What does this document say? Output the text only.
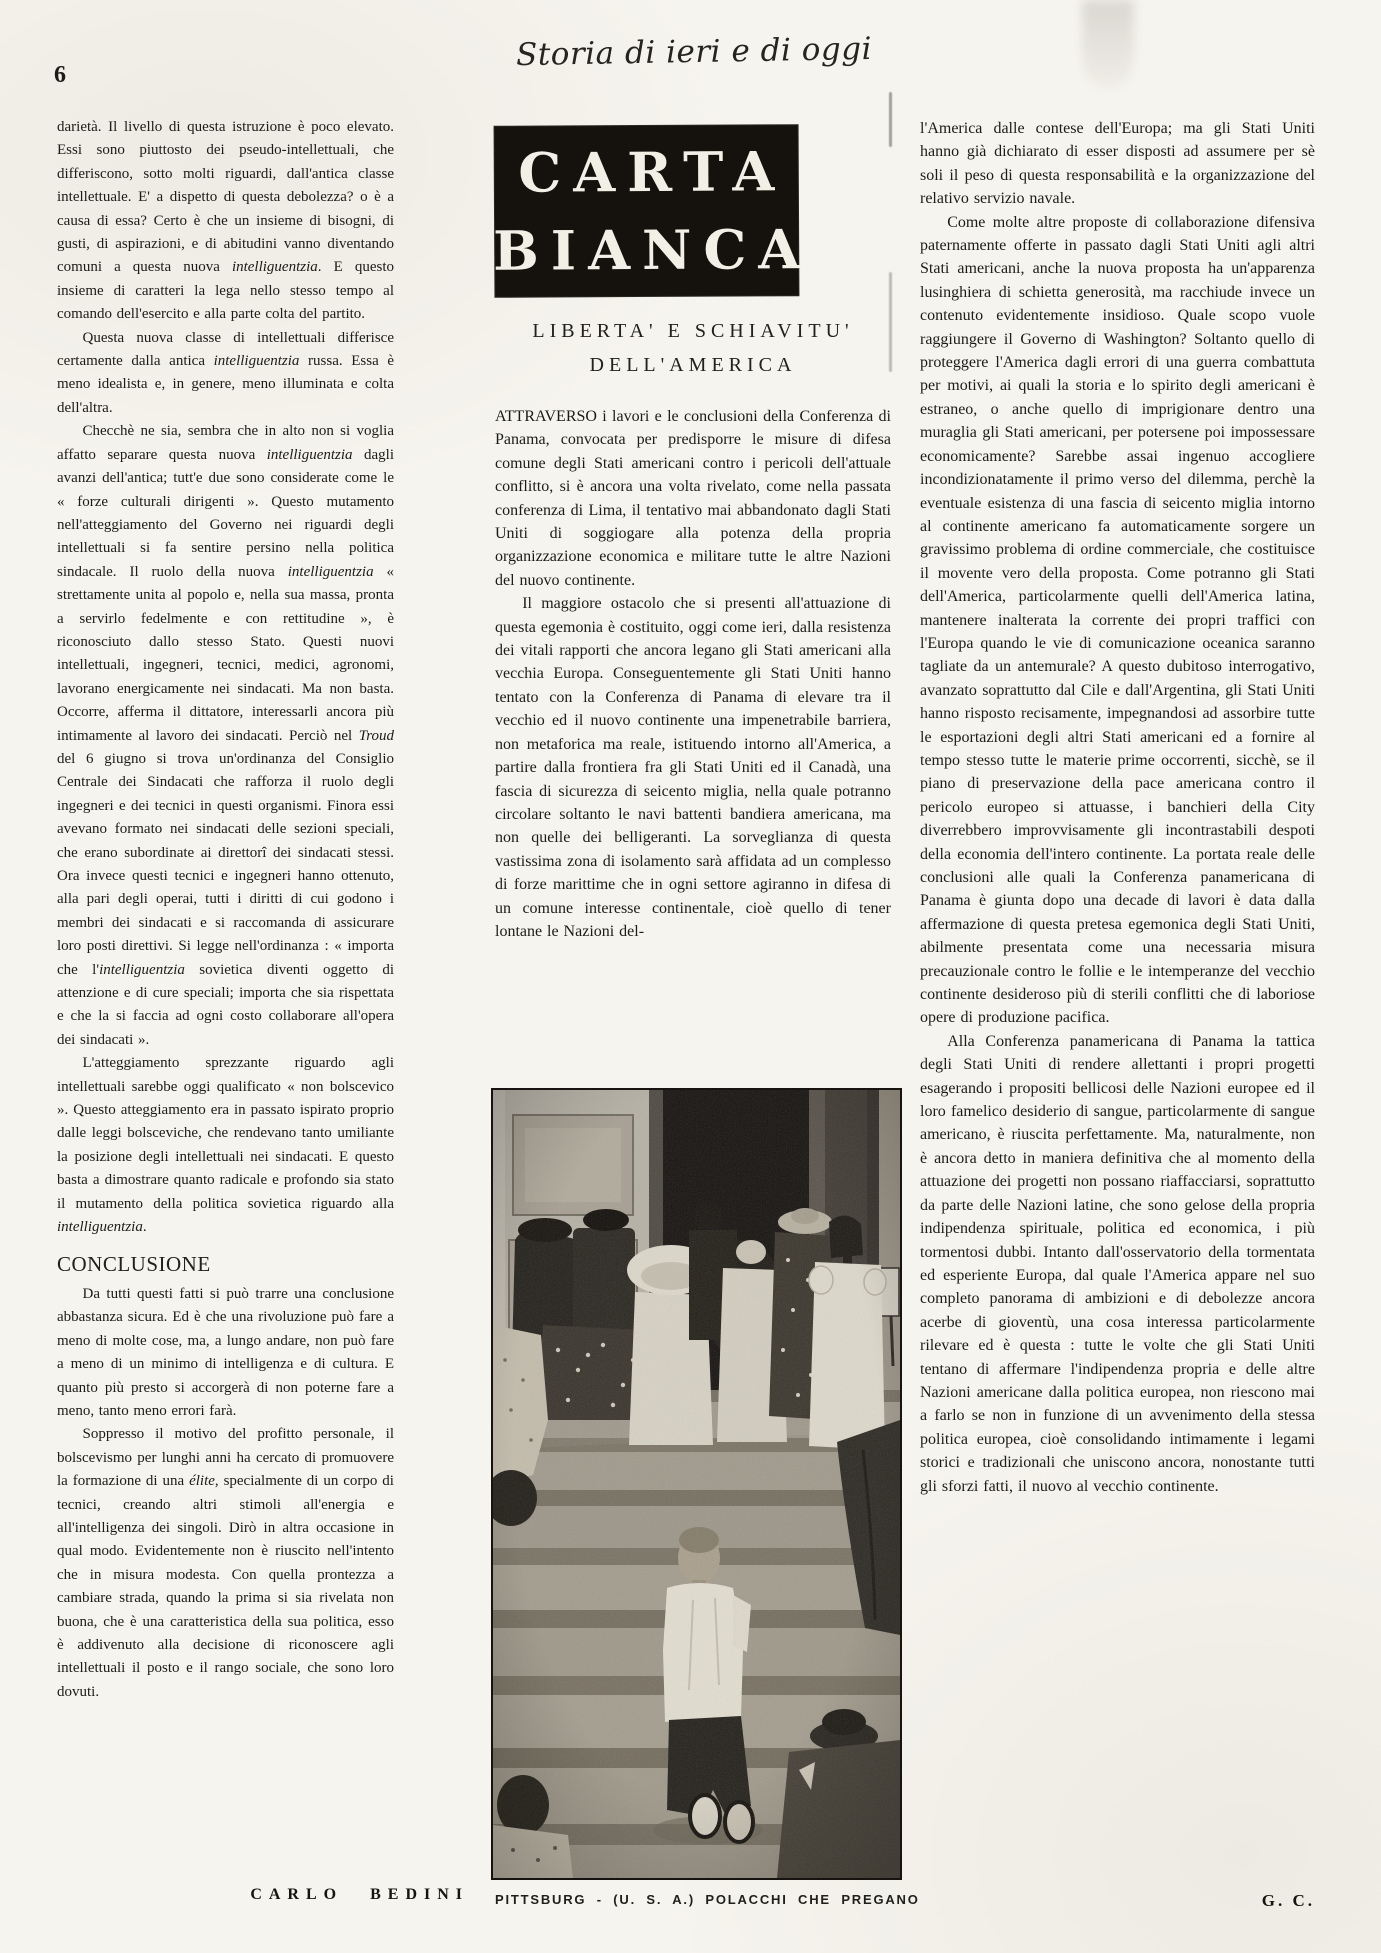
6
Storia di ieri e di oggi
CARTA
BIANCA

darietà. Il livello di questa istruzione è poco elevato. Essi sono piuttosto dei pseudo-intellettuali, che differiscono, sotto molti riguardi, dall'antica classe intellettuale. E' a dispetto di questa debolezza? o è a causa di essa? Certo è che un insieme di bisogni, di gusti, di aspirazioni, e di abitudini vanno diventando comuni a questa nuova intelliguentzia. E questo insieme di caratteri la lega nello stesso tempo al comando dell'esercito e alla parte colta del partito.

Questa nuova classe di intellettuali differisce certamente dalla antica intelliguentzia russa. Essa è meno idealista e, in genere, meno illuminata e colta dell'altra.

Checchè ne sia, sembra che in alto non si voglia affatto separare questa nuova intelliguentzia dagli avanzi dell'antica; tutt'e due sono considerate come le « forze culturali dirigenti ». Questo mutamento nell'atteggiamento del Governo nei riguardi degli intellettuali si fa sentire persino nella politica sindacale. Il ruolo della nuova intelliguentzia « strettamente unita al popolo e, nella sua massa, pronta a servirlo fedelmente e con rettitudine », è riconosciuto dallo stesso Stato. Questi nuovi intellettuali, ingegneri, tecnici, medici, agronomi, lavorano energicamente nei sindacati. Ma non basta. Occorre, afferma il dittatore, interessarli ancora più intimamente al lavoro dei sindacati. Perciò nel Troud del 6 giugno si trova un'ordinanza del Consiglio Centrale dei Sindacati che rafforza il ruolo degli ingegneri e dei tecnici in questi organismi. Finora essi avevano formato nei sindacati delle sezioni speciali, che erano subordinate ai direttorî dei sindacati stessi. Ora invece questi tecnici e ingegneri hanno ottenuto, alla pari degli operai, tutti i diritti di cui godono i membri dei sindacati e si raccomanda di assicurare loro posti direttivi. Si legge nell'ordinanza : « importa che l'intelliguentzia sovietica diventi oggetto di attenzione e di cure speciali; importa che sia rispettata e che la si faccia ad ogni costo collaborare all'opera dei sindacati ».

L'atteggiamento sprezzante riguardo agli intellettuali sarebbe oggi qualificato « non bolscevico ». Questo atteggiamento era in passato ispirato proprio dalle leggi bolsceviche, che rendevano tanto umiliante la posizione degli intellettuali nei sindacati. E questo basta a dimostrare quanto radicale e profondo sia stato il mutamento della politica sovietica riguardo alla intelliguentzia.

CONCLUSIONE

Da tutti questi fatti si può trarre una conclusione abbastanza sicura. Ed è che una rivoluzione può fare a meno di molte cose, ma, a lungo andare, non può fare a meno di un minimo di intelligenza e di cultura. E quanto più presto si accorgerà di non poterne fare a meno, tanto meno errori farà.

Soppresso il motivo del profitto personale, il bolscevismo per lunghi anni ha cercato di promuovere la formazione di una élite, specialmente di un corpo di tecnici, creando altri stimoli all'energia e all'intelligenza dei singoli. Dirò in altra occasione in qual modo. Evidentemente non è riuscito nell'intento che in misura modesta. Con quella prontezza a cambiare strada, quando la prima si sia rivelata non buona, che è una caratteristica della sua politica, esso è addivenuto alla decisione di riconoscere agli intellettuali il posto e il rango sociale, che sono loro dovuti.

CARLO BEDINI
LIBERTA' E SCHIAVITU'
DELL'AMERICA

ATTRAVERSO i lavori e le conclusioni della Conferenza di Panama, convocata per predisporre le misure di difesa comune degli Stati americani contro i pericoli dell'attuale conflitto, si è ancora una volta rivelato, come nella passata conferenza di Lima, il tentativo mai abbandonato dagli Stati Uniti di soggiogare alla potenza della propria organizzazione economica e militare tutte le altre Nazioni del nuovo continente.

Il maggiore ostacolo che si presenti all'attuazione di questa egemonia è costituito, oggi come ieri, dalla resistenza dei vitali rapporti che ancora legano gli Stati americani alla vecchia Europa. Conseguentemente gli Stati Uniti hanno tentato con la Conferenza di Panama di elevare tra il vecchio ed il nuovo continente una impenetrabile barriera, non metaforica ma reale, istituendo intorno all'America, a partire dalla frontiera fra gli Stati Uniti ed il Canadà, una fascia di sicurezza di seicento miglia, nella quale potranno circolare soltanto le navi battenti bandiera americana, ma non quelle dei belligeranti. La sorveglianza di questa vastissima zona di isolamento sarà affidata ad un complesso di forze marittime che in ogni settore agiranno in difesa di un comune interesse continentale, cioè quello di tener lontane le Nazioni del-

PITTSBURG - (U. S. A.) POLACCHI CHE PREGANO

l'America dalle contese dell'Europa; ma gli Stati Uniti hanno già dichiarato di esser disposti ad assumere per sè soli il peso di questa responsabilità e la organizzazione del relativo servizio navale.

Come molte altre proposte di collaborazione difensiva paternamente offerte in passato dagli Stati Uniti agli altri Stati americani, anche la nuova proposta ha un'apparenza lusinghiera di schietta generosità, ma racchiude invece un contenuto evidentemente insidioso. Quale scopo vuole raggiungere il Governo di Washington? Soltanto quello di proteggere l'America dagli errori di una guerra combattuta per motivi, ai quali la storia e lo spirito degli americani è estraneo, o anche quello di imprigionare dentro una muraglia gli Stati americani, per potersene poi impossessare economicamente? Sarebbe assai ingenuo accogliere incondizionatamente il primo verso del dilemma, perchè la eventuale esistenza di una fascia di seicento miglia intorno al continente americano fa automaticamente sorgere un gravissimo problema di ordine commerciale, che costituisce il movente vero della proposta. Come potranno gli Stati dell'America, particolarmente quelli dell'America latina, mantenere inalterata la corrente dei propri traffici con l'Europa quando le vie di comunicazione oceanica saranno tagliate da un antemurale? A questo dubitoso interrogativo, avanzato soprattutto dal Cile e dall'Argentina, gli Stati Uniti hanno risposto recisamente, impegnandosi ad assorbire tutte le esportazioni degli altri Stati americani ed a fornire al tempo stesso tutte le materie prime occorrenti, sicchè, se il piano di preservazione della pace americana contro il pericolo europeo si attuasse, i banchieri della City diverrebbero improvvisamente gli incontrastabili despoti della economia dell'intero continente. La portata reale delle conclusioni alle quali la Conferenza panamericana di Panama è giunta dopo una decade di lavori è data dalla affermazione di questa pretesa egemonica degli Stati Uniti, abilmente presentata come una necessaria misura precauzionale contro le follie e le intemperanze del vecchio continente desideroso più di sterili conflitti che di laboriose opere di produzione pacifica.

Alla Conferenza panamericana di Panama la tattica degli Stati Uniti di rendere allettanti i propri progetti esagerando i propositi bellicosi delle Nazioni europee ed il loro famelico desiderio di sangue, particolarmente di sangue americano, è riuscita perfettamente. Ma, naturalmente, non è ancora detto in maniera definitiva che al momento della attuazione dei progetti non possano riaffacciarsi, soprattutto da parte delle Nazioni latine, che sono gelose della propria indipendenza spirituale, politica ed economica, i più tormentosi dubbi. Intanto dall'osservatorio della tormentata ed esperiente Europa, dal quale l'America appare nel suo completo panorama di ambizioni e di debolezze ancora acerbe di gioventù, una cosa interessa particolarmente rilevare ed è questa : tutte le volte che gli Stati Uniti tentano di affermare l'indipendenza propria e delle altre Nazioni americane dalla politica europea, non riescono mai a farlo se non in funzione di un avvenimento della stessa politica europea, cioè consolidando intimamente i legami storici e tradizionali che uniscono ancora, nonostante tutti gli sforzi fatti, il nuovo al vecchio continente.

G. C.
